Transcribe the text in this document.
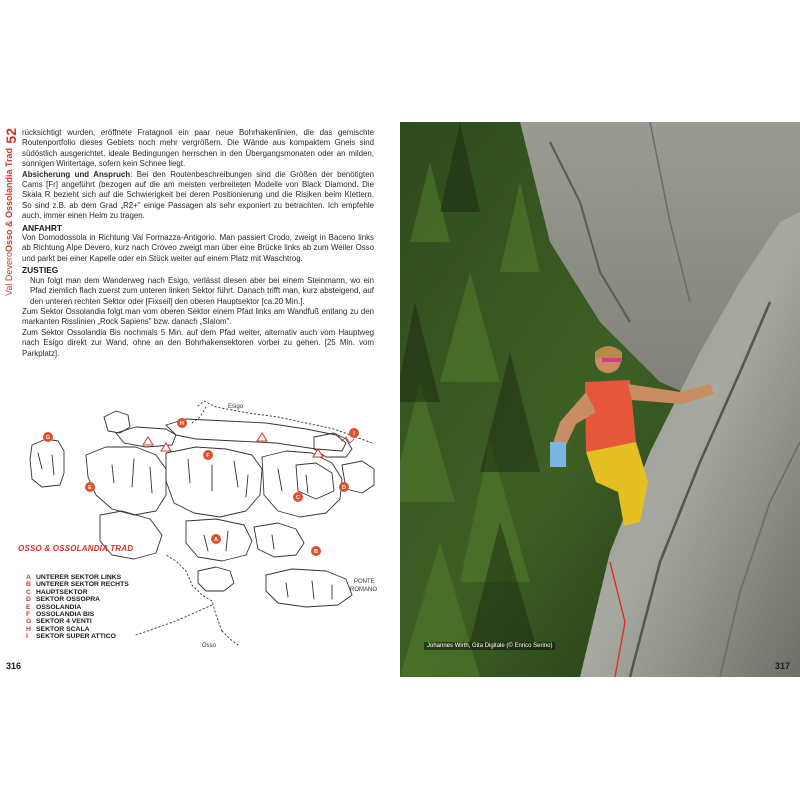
52
Val DeveroOsso & Ossolandia Trad

rücksichtigt wurden, eröffnete Fratagnoli ein paar neue Bohrhakenlinien, die das gemischte Routenportfolio dieses Gebiets noch mehr vergrößern. Die Wände aus kompaktem Gneis sind südöstlich ausgerichtet, ideale Bedingungen herrschen in den Übergangsmonaten oder an milden, sonnigen Wintertage, sofern kein Schnee liegt.

Absicherung und Anspruch: Bei den Routenbeschreibungen sind die Größen der benötigten Cams [Fr] angeführt (bezogen auf die am meisten verbreiteten Modelle von Black Diamond. Die Skala R bezieht sich auf die Schwierigkeit bei deren Positionierung und die Risiken beim Klettern. So sind z.B. ab dem Grad „R2+" einige Passagen als sehr exponiert zu betrachten. Ich empfehle auch, immer einen Helm zu tragen.

ANFAHRT

Von Domodossola in Richtung Val Formazza-Antigorio. Man passiert Crodo, zweigt in Baceno links ab Richtung Alpe Devero, kurz nach Croveo zweigt man über eine Brücke links ab zum Weiler Osso und parkt bei einer Kapelle oder ein Stück weiter auf einem Platz mit Waschtrog.

ZUSTIEG

Nun folgt man dem Wanderweg nach Esigo, verlässt diesen aber bei einem Steinmann, wo ein Pfad ziemlich flach zuerst zum unteren linken Sektor führt. Danach trifft man, kurz absteigend, auf den unteren rechten Sektor oder [Fixseil] den oberen Hauptsektor [ca.20 Min.].

Zum Sektor Ossolandia folgt man vom oberen Sektor einem Pfad links am Wandfuß entlang zu den markanten Risslinien „Rock Sapiens" bzw. danach „Slalom".

Zum Sektor Ossolandia Bis nochmals 5 Min. auf dem Pfad weiter, alternativ auch vom Hauptweg nach Esigo direkt zur Wand, ohne an den Bohrhakensektoren vorbei zu gehen. [25 Min. vom Parkplatz].

G
H
I
E
F
C
D
A
B
Esigo
Osso
PONTE
ROMANO
OSSO & OSSOLANDIA TRAD
A UNTERER SEKTOR LINKS
B UNTERER SEKTOR RECHTS
C HAUPTSEKTOR
D SEKTOR OSSOPRA
E OSSOLANDIA
F OSSOLANDIA BIS
G SEKTOR 4 VENTI
H SEKTOR SCALA
I	SEKTOR SUPER ATTICO
316
Johannes Wirth, Gita Digitale (© Enrico Serino)
317
